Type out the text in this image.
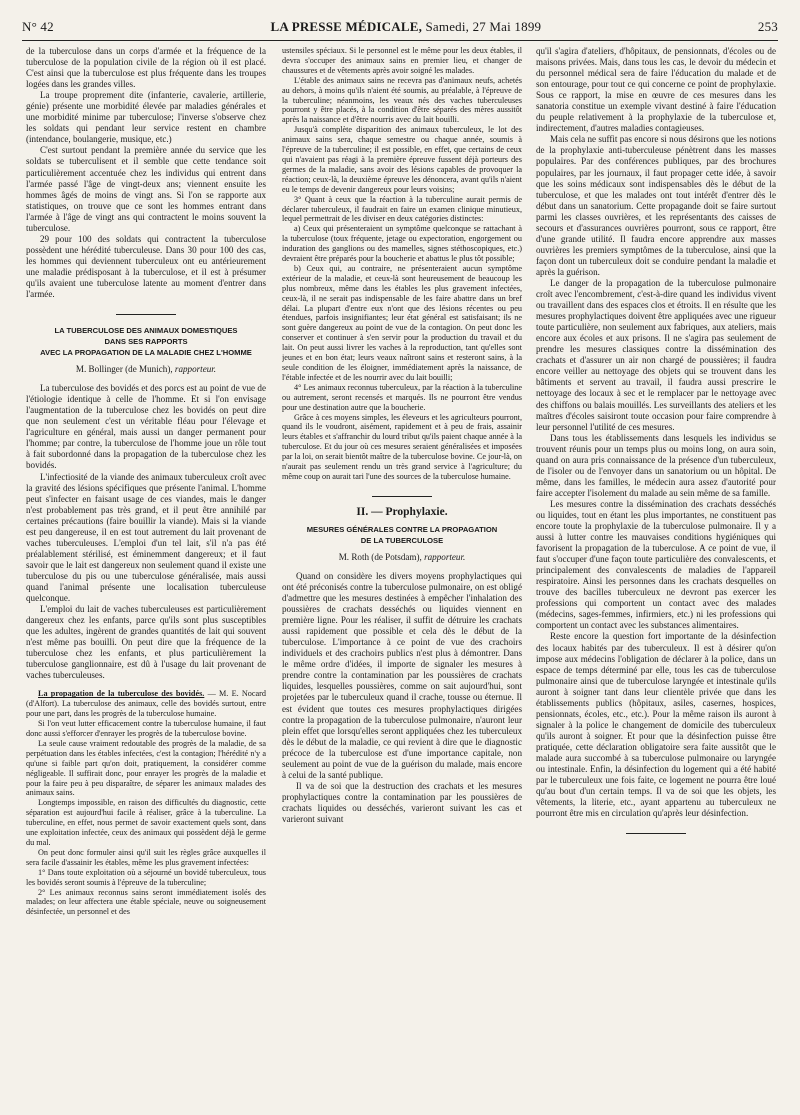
N° 42	LA PRESSE MÉDICALE, Samedi, 27 Mai 1899	253

de la tuberculose dans un corps d'armée et la fréquence de la tuberculose de la population civile de la région où il est placé. C'est ainsi que la tuberculose est plus fréquente dans les troupes logées dans les grandes villes.

La troupe proprement dite (infanterie, cavalerie, artillerie, génie) présente une morbidité élevée par maladies générales et une morbidité minime par tuberculose; l'inverse s'observe chez les soldats qui pendant leur service restent en chambre (intendance, boulangerie, musique, etc.)

C'est surtout pendant la première année du service que les soldats se tuberculisent et il semble que cette tendance soit particulièrement accentuée chez les individus qui entrent dans l'armée passé l'âge de vingt-deux ans; viennent ensuite les hommes âgés de moins de vingt ans. Si l'on se rapporte aux statistiques, on trouve que ce sont les hommes entrant dans l'armée à l'âge de vingt ans qui contractent le moins souvent la tuberculose.

29 pour 100 des soldats qui contractent la tuberculose possèdent une hérédité tuberculeuse. Dans 30 pour 100 des cas, les hommes qui deviennent tuberculeux ont eu antérieurement une maladie prédisposant à la tuberculose, et il est à présumer qu'ils avaient une tuberculose latente au moment d'entrer dans l'armée.

LA TUBERCULOSE DES ANIMAUX DOMESTIQUES
DANS SES RAPPORTS
AVEC LA PROPAGATION DE LA MALADIE CHEZ L'HOMME
M. Bollinger (de Munich), rapporteur.

La tuberculose des bovidés et des porcs est au point de vue de l'étiologie identique à celle de l'homme. Et si l'on envisage l'augmentation de la tuberculose chez les bovidés on peut dire que non seulement c'est un véritable fléau pour l'élevage et l'agriculture en général, mais aussi un danger permanent pour l'homme; par contre, la tuberculose de l'homme joue un rôle tout à fait subordonné dans la propagation de la tuberculose chez les bovidés.

L'infectiosité de la viande des animaux tuberculeux croît avec la gravité des lésions spécifiques que présente l'animal. L'homme peut s'infecter en faisant usage de ces viandes, mais le danger n'est probablement pas très grand, et il peut être annihilé par certaines précautions (faire bouillir la viande). Mais si la viande est peu dangereuse, il en est tout autrement du lait provenant de vaches tuberculeuses. L'emploi d'un tel lait, s'il n'a pas été préalablement stérilisé, est éminemment dangereux; et il faut savoir que le lait est dangereux non seulement quand il existe une tuberculose du pis ou une tuberculose généralisée, mais aussi quand l'animal présente une localisation tuberculeuse quelconque.

L'emploi du lait de vaches tuberculeuses est particulièrement dangereux chez les enfants, parce qu'ils sont plus susceptibles que les adultes, ingèrent de grandes quantités de lait qui souvent n'est même pas bouilli. On peut dire que la fréquence de la tuberculose chez les enfants, et plus particulièrement la tuberculose ganglionnaire, est dû à l'usage du lait provenant de vaches tuberculeuses.

La propagation de la tuberculose des bovidés. — M. E. Nocard (d'Alfort). La tuberculose des animaux, celle des bovidés surtout, entre pour une part, dans les progrès de la tuberculose humaine.

Si l'on veut lutter efficacement contre la tuberculose humaine, il faut donc aussi s'efforcer d'enrayer les progrès de la tuberculose bovine.

La seule cause vraiment redoutable des progrès de la maladie, de sa perpétuation dans les étables infectées, c'est la contagion; l'hérédité n'y a qu'une si faible part qu'on doit, pratiquement, la considérer comme négligeable. Il suffirait donc, pour enrayer les progrès de la maladie et pour la faire peu à peu disparaître, de séparer les animaux malades des animaux sains.

Longtemps impossible, en raison des difficultés du diagnostic, cette séparation est aujourd'hui facile à réaliser, grâce à la tuberculine. La tuberculine, en effet, nous permet de savoir exactement quels sont, dans une exploitation infectée, ceux des animaux qui possèdent déjà le germe du mal.

On peut donc formuler ainsi qu'il suit les règles grâce auxquelles il sera facile d'assainir les étables, même les plus gravement infectées:

1° Dans toute exploitation où a séjourné un bovidé tuberculeux, tous les bovidés seront soumis à l'épreuve de la tuberculine;

2° Les animaux reconnus sains seront immédiatement isolés des malades; on leur affectera une étable spéciale, neuve ou soigneusement désinfectée, un personnel et des

ustensiles spéciaux. Si le personnel est le même pour les deux étables, il devra s'occuper des animaux sains en premier lieu, et changer de chaussures et de vêtements après avoir soigné les malades.

L'étable des animaux sains ne recevra pas d'animaux neufs, achetés au dehors, à moins qu'ils n'aient été soumis, au préalable, à l'épreuve de la tuberculine; néanmoins, les veaux nés des vaches tuberculeuses pourront y être placés, à la condition d'être séparés des mères aussitôt après la naissance et d'être nourris avec du lait bouilli.

Jusqu'à complète disparition des animaux tuberculeux, le lot des animaux sains sera, chaque semestre ou chaque année, soumis à l'épreuve de la tuberculine; il est possible, en effet, que certains de ceux qui n'avaient pas réagi à la première épreuve fussent déjà porteurs des germes de la maladie, sans avoir des lésions capables de provoquer la réaction; ceux-là, la deuxième épreuve les dénoncera, avant qu'ils n'aient eu le temps de devenir dangereux pour leurs voisins;

3° Quant à ceux que la réaction à la tuberculine aurait permis de déclarer tuberculeux, il faudrait en faire un examen clinique minutieux, lequel permettrait de les diviser en deux catégories distinctes:

a) Ceux qui présenteraient un symptôme quelconque se rattachant à la tuberculose (toux fréquente, jetage ou expectoration, engorgement ou induration des ganglions ou des mamelles, signes stéthoscopiques, etc.) devraient être préparés pour la boucherie et abattus le plus tôt possible;

b) Ceux qui, au contraire, ne présenteraient aucun symptôme extérieur de la maladie, et ceux-là sont heureusement de beaucoup les plus nombreux, même dans les étables les plus gravement infectées, ceux-là, il ne serait pas indispensable de les faire abattre dans un bref délai. La plupart d'entre eux n'ont que des lésions récentes ou peu étendues, parfois insignifiantes; leur état général est satisfaisant; ils ne sont guère dangereux au point de vue de la contagion. On peut donc les conserver et continuer à s'en servir pour la production du travail et du lait. On peut aussi livrer les vaches à la reproduction, tant qu'elles sont jeunes et en bon état; leurs veaux naîtront sains et resteront sains, à la seule condition de les éloigner, immédiatement après la naissance, de l'étable infectée et de les nourrir avec du lait bouilli;

4° Les animaux reconnus tuberculeux, par la réaction à la tuberculine ou autrement, seront recensés et marqués. Ils ne pourront être vendus pour une destination autre que la boucherie.

Grâce à ces moyens simples, les éleveurs et les agriculteurs pourront, quand ils le voudront, aisément, rapidement et à peu de frais, assainir leurs étables et s'affranchir du lourd tribut qu'ils paient chaque année à la tuberculose. Et du jour où ces mesures seraient généralisées et imposées par la loi, on serait bientôt maître de la tuberculose bovine. Ce jour-là, on n'aurait pas seulement rendu un très grand service à l'agriculture; du même coup on aurait tari l'une des sources de la tuberculose humaine.

II. — Prophylaxie.
MESURES GÉNÉRALES CONTRE LA PROPAGATION
DE LA TUBERCULOSE
M. Roth (de Potsdam), rapporteur.

Quand on considère les divers moyens prophylactiques qui ont été préconisés contre la tuberculose pulmonaire, on est obligé d'admettre que les mesures destinées à empêcher l'inhalation des poussières de crachats desséchés ou liquides viennent en première ligne. Pour les réaliser, il suffit de détruire les crachats aussi rapidement que possible et cela dès le début de la tuberculose. L'importance à ce point de vue des crachoirs individuels et des crachoirs publics n'est plus à démontrer. Dans le même ordre d'idées, il importe de signaler les mesures à prendre contre la contamination par les poussières de crachats liquides, lesquelles poussières, comme on sait aujourd'hui, sont projetées par le tuberculeux quand il crache, tousse ou éternue. Il est évident que toutes ces mesures prophylactiques dirigées contre la propagation de la tuberculose pulmonaire, n'auront leur plein effet que lorsqu'elles seront appliquées chez les tuberculeux dès le début de la maladie, ce qui revient à dire que le diagnostic précoce de la tuberculose est d'une importance capitale, non seulement au point de vue de la guérison du malade, mais encore à celui de la santé publique.

Il va de soi que la destruction des crachats et les mesures prophylactiques contre la contamination par les poussières de crachats liquides ou desséchés, varieront suivant les cas et varieront suivant

qu'il s'agira d'ateliers, d'hôpitaux, de pensionnats, d'écoles ou de maisons privées. Mais, dans tous les cas, le devoir du médecin et du personnel médical sera de faire l'éducation du malade et de son entourage, pour tout ce qui concerne ce point de prophylaxie. Sous ce rapport, la mise en œuvre de ces mesures dans les sanatoria constitue un exemple vivant destiné à faire l'éducation du peuple relativement à la prophylaxie de la tuberculose et, indirectement, d'autres maladies contagieuses.

Mais cela ne suffit pas encore si nous désirons que les notions de la prophylaxie anti-tuberculeuse pénètrent dans les masses populaires. Par des conférences publiques, par des brochures populaires, par les journaux, il faut propager cette idée, à savoir que les soins médicaux sont indispensables dès le début de la tuberculose, et que les malades ont tout intérêt d'entrer dès le début dans un sanatorium. Cette propagande doit se faire surtout parmi les classes ouvrières, et les représentants des caisses de secours et d'assurances ouvrières pourront, sous ce rapport, être d'une grande utilité. Il faudra encore apprendre aux masses ouvrières les premiers symptômes de la tuberculose, ainsi que la façon dont un tuberculeux doit se conduire pendant la maladie et après la guérison.

Le danger de la propagation de la tuberculose pulmonaire croît avec l'encombrement, c'est-à-dire quand les individus vivent ou travaillent dans des espaces clos et étroits. Il en résulte que les mesures prophylactiques doivent être appliquées avec une rigueur toute particulière, non seulement aux fabriques, aux ateliers, mais encore aux écoles et aux prisons. Il ne s'agira pas seulement de prendre les mesures classiques contre la dissémination des crachats et d'assurer un air non chargé de poussières; il faudra encore veiller au nettoyage des objets qui se trouvent dans les bâtiments et servent au travail, il faudra aussi prescrire le nettoyage des locaux à sec et le remplacer par le nettoyage avec des chiffons ou balais mouillés. Les surveillants des ateliers et les maîtres d'écoles saisiront toute occasion pour faire comprendre à leur personnel l'utilité de ces mesures.

Dans tous les établissements dans lesquels les individus se trouvent réunis pour un temps plus ou moins long, on aura soin, quand on aura pris connaissance de la présence d'un tuberculeux, de l'isoler ou de l'envoyer dans un sanatorium ou un hôpital. De même, dans les familles, le médecin aura assez d'autorité pour faire accepter l'isolement du malade au sein même de sa famille.

Les mesures contre la dissémination des crachats desséchés ou liquides, tout en étant les plus importantes, ne constituent pas encore toute la prophylaxie de la tuberculose pulmonaire. Il y a aussi à lutter contre les mauvaises conditions hygiéniques qui favorisent la propagation de la tuberculose. A ce point de vue, il faut s'occuper d'une façon toute particulière des convalescents, et principalement des convalescents de maladies de l'appareil respiratoire. Ainsi les personnes dans les crachats desquelles on trouve des bacilles tuberculeux ne devront pas exercer les professions qui comportent un contact avec des malades (médecins, sages-femmes, infirmiers, etc.) ni les professions qui comportent un contact avec les substances alimentaires.

Reste encore la question fort importante de la désinfection des locaux habités par des tuberculeux. Il est à désirer qu'on impose aux médecins l'obligation de déclarer à la police, dans un espace de temps déterminé par elle, tous les cas de tuberculose pulmonaire ainsi que de tuberculose laryngée et intestinale qu'ils auront à soigner tant dans leur clientèle privée que dans les établissements publics (hôpitaux, asiles, casernes, hospices, pensionnats, écoles, etc., etc.). Pour la même raison ils auront à signaler à la police le changement de domicile des tuberculeux qu'ils auront à soigner. Et pour que la désinfection puisse être pratiquée, cette déclaration obligatoire sera faite aussitôt que le malade aura succombé à sa tuberculose pulmonaire ou laryngée ou intestinale. Enfin, la désinfection du logement qui a été habité par le tuberculeux une fois faite, ce logement ne pourra être loué qu'au bout d'un certain temps. Il va de soi que les objets, les vêtements, la literie, etc., ayant appartenu au tuberculeux ne pourront être mis en circulation qu'après leur désinfection.
